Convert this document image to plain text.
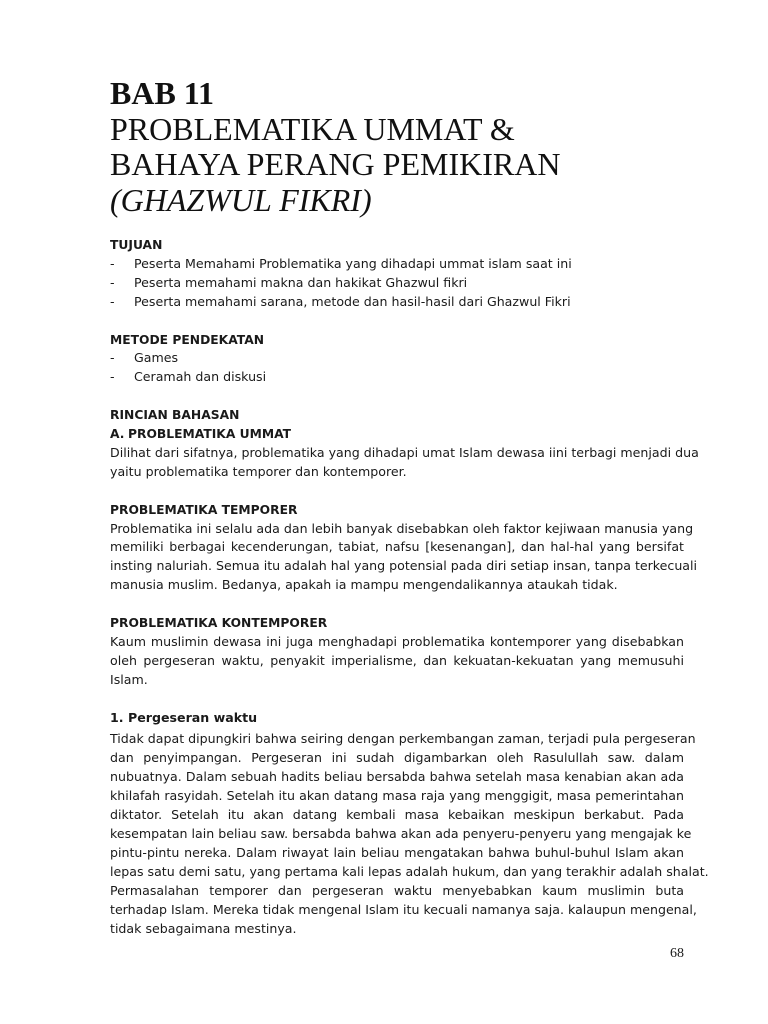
BAB 11
PROBLEMATIKA UMMAT &
BAHAYA PERANG PEMIKIRAN
(GHAZWUL FIKRI)
TUJUAN
-	Peserta Memahami Problematika yang dihadapi ummat islam saat ini
-	Peserta memahami makna dan hakikat Ghazwul fikri
-	Peserta memahami sarana, metode dan hasil-hasil dari Ghazwul Fikri
METODE PENDEKATAN
-	Games
-	Ceramah dan diskusi
RINCIAN BAHASAN
A. PROBLEMATIKA UMMAT
Dilihat dari sifatnya, problematika yang dihadapi umat Islam dewasa iini terbagi menjadi dua
yaitu problematika temporer dan kontemporer.
PROBLEMATIKA TEMPORER
Problematika ini selalu ada dan lebih banyak disebabkan oleh faktor kejiwaan manusia yang
memiliki berbagai kecenderungan, tabiat, nafsu [kesenangan], dan hal-hal yang bersifat
insting naluriah. Semua itu adalah hal yang potensial pada diri setiap insan, tanpa terkecuali
manusia muslim. Bedanya, apakah ia mampu mengendalikannya ataukah tidak.
PROBLEMATIKA KONTEMPORER
Kaum muslimin dewasa ini juga menghadapi problematika kontemporer yang disebabkan
oleh pergeseran waktu, penyakit imperialisme, dan kekuatan-kekuatan yang memusuhi
Islam.
1. Pergeseran waktu
Tidak dapat dipungkiri bahwa seiring dengan perkembangan zaman, terjadi pula pergeseran
dan penyimpangan. Pergeseran ini sudah digambarkan oleh Rasulullah saw. dalam
nubuatnya. Dalam sebuah hadits beliau bersabda bahwa setelah masa kenabian akan ada
khilafah rasyidah. Setelah itu akan datang masa raja yang menggigit, masa pemerintahan
diktator. Setelah itu akan datang kembali masa kebaikan meskipun berkabut. Pada
kesempatan lain beliau saw. bersabda bahwa akan ada penyeru-penyeru yang mengajak ke
pintu-pintu nereka. Dalam riwayat lain beliau mengatakan bahwa buhul-buhul Islam akan
lepas satu demi satu, yang pertama kali lepas adalah hukum, dan yang terakhir adalah shalat.
Permasalahan temporer dan pergeseran waktu menyebabkan kaum muslimin buta
terhadap Islam. Mereka tidak mengenal Islam itu kecuali namanya saja. kalaupun mengenal,
tidak sebagaimana mestinya.
68
